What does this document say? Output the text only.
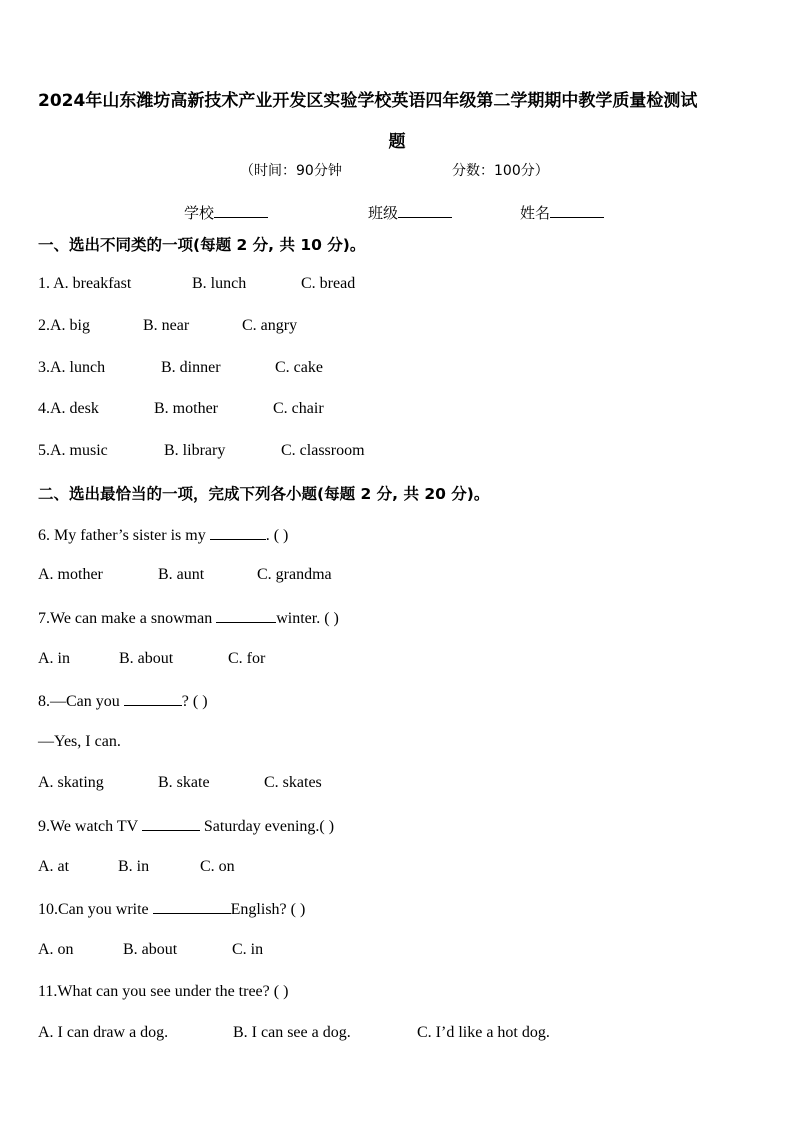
2024年山东潍坊高新技术产业开发区实验学校英语四年级第二学期期中教学质量检测试
题
（时间：90分钟	分数：100分）
学校	班级	姓名
一、选出不同类的一项(每题 2 分, 共 10 分)。
1. A. breakfast	B. lunch	C. bread
2.A. big	B. near	C. angry
3.A. lunch	B. dinner	C. cake
4.A. desk	B. mother	C. chair
5.A. music	B. library	C. classroom
二、选出最恰当的一项，完成下列各小题(每题 2 分, 共 20 分)。
6. My father’s sister is my	. ( )
A. mother	B. aunt	C. grandma
7.We can make a snowman	winter. ( )
A. in	B. about	C. for
8.—Can you	? ( )
—Yes, I can.
A. skating	B. skate	C. skates
9.We watch TV	Saturday evening.( )
A. at	B. in	C. on
10.Can you write	English? ( )
A. on	B. about	C. in
11.What can you see under the tree? ( )
A. I can draw a dog.	B. I can see a dog.	C. I’d like a hot dog.
